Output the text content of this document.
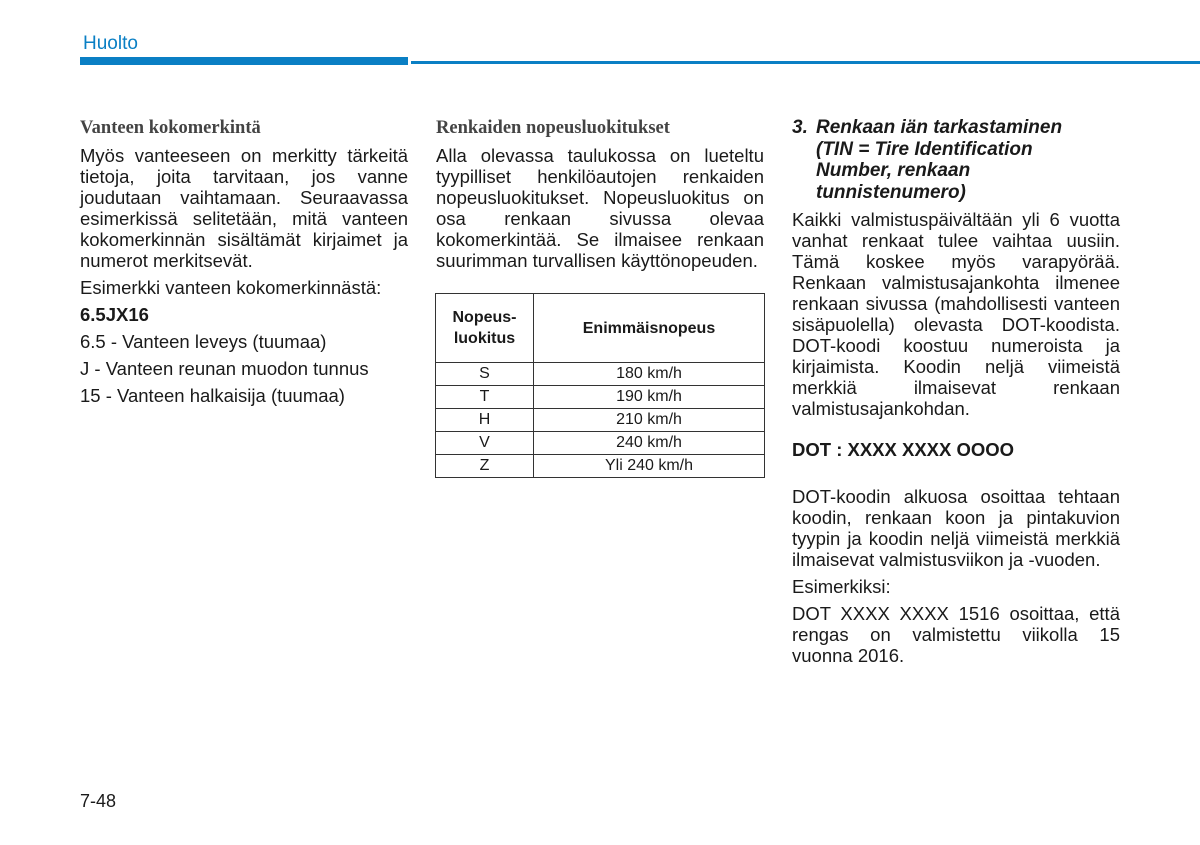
Huolto

Vanteen kokomerkintä

Myös vanteeseen on merkitty tärkeitä tietoja, joita tarvitaan, jos vanne joudutaan vaihtamaan. Seuraavassa esimerkissä selitetään, mitä vanteen kokomerkinnän sisältämät kirjaimet ja numerot merkitsevät.

Esimerkki vanteen kokomerkinnästä:

6.5JX16

6.5 - Vanteen leveys (tuumaa)

J - Vanteen reunan muodon tunnus

15 - Vanteen halkaisija (tuumaa)

Renkaiden nopeusluokitukset

Alla olevassa taulukossa on lueteltu tyypilliset henkilöautojen renkaiden nopeusluokitukset. Nopeusluokitus on osa renkaan sivussa olevaa kokomerkintää. Se ilmaisee renkaan suurimman turvallisen käyttönopeuden.

Nopeus-
luokitus	Enimmäisnopeus
S	180 km/h
T	190 km/h
H	210 km/h
V	240 km/h
Z	Yli 240 km/h
3. Renkaan iän tarkastaminen
(TIN = Tire Identification
Number, renkaan
tunnistenumero)

Kaikki valmistuspäivältään yli 6 vuotta vanhat renkaat tulee vaihtaa uusiin. Tämä koskee myös varapyörää. Renkaan valmistusajankohta ilmenee renkaan sivussa (mahdollisesti vanteen sisäpuolella) olevasta DOT-koodista. DOT-koodi koostuu numeroista ja kirjaimista. Koodin neljä viimeistä merkkiä ilmaisevat renkaan valmistusajankohdan.

DOT : XXXX XXXX OOOO

DOT-koodin alkuosa osoittaa tehtaan koodin, renkaan koon ja pintakuvion tyypin ja koodin neljä viimeistä merkkiä ilmaisevat valmistusviikon ja -vuoden.

Esimerkiksi:

DOT XXXX XXXX 1516 osoittaa, että rengas on valmistettu viikolla 15 vuonna 2016.

7-48
